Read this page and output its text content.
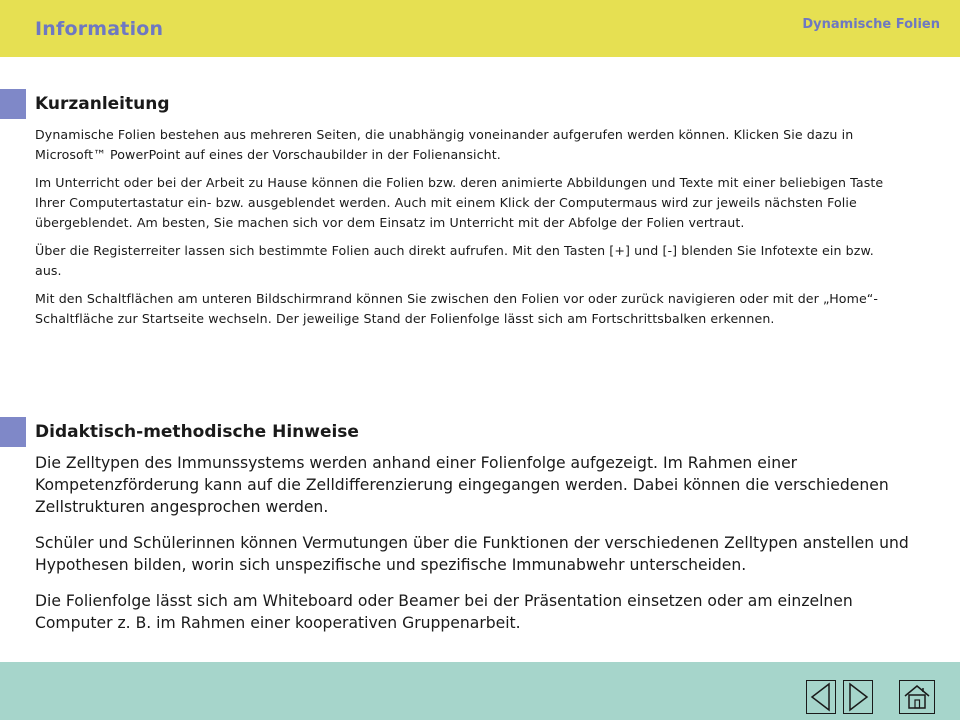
Information	Dynamische Folien
Kurzanleitung

Dynamische Folien bestehen aus mehreren Seiten, die unabhängig voneinander aufgerufen werden können. Klicken Sie dazu in Microsoft™ PowerPoint auf eines der Vorschaubilder in der Folienansicht.

Im Unterricht oder bei der Arbeit zu Hause können die Folien bzw. deren animierte Abbildungen und Texte mit einer beliebigen Taste Ihrer Computertastatur ein- bzw. ausgeblendet werden. Auch mit einem Klick der Computermaus wird zur jeweils nächsten Folie übergeblendet. Am besten, Sie machen sich vor dem Einsatz im Unterricht mit der Abfolge der Folien vertraut.

Über die Registerreiter lassen sich bestimmte Folien auch direkt aufrufen. Mit den Tasten [+] und [-] blenden Sie Infotexte ein bzw. aus.

Mit den Schaltflächen am unteren Bildschirmrand können Sie zwischen den Folien vor oder zurück navigieren oder mit der „Home“-Schaltfläche zur Startseite wechseln. Der jeweilige Stand der Folienfolge lässt sich am Fortschrittsbalken erkennen.

Didaktisch-methodische Hinweise

Die Zelltypen des Immunssystems werden anhand einer Folienfolge aufgezeigt. Im Rahmen einer Kompetenzförderung kann auf die Zelldifferenzierung eingegangen werden. Dabei können die verschiedenen Zellstrukturen angesprochen werden.

Schüler und Schülerinnen können Vermutungen über die Funktionen der verschiedenen Zelltypen anstellen und Hypothesen bilden, worin sich unspezifische und spezifische Immunabwehr unterscheiden.

Die Folienfolge lässt sich am Whiteboard oder Beamer bei der Präsentation einsetzen oder am einzelnen Computer z. B. im Rahmen einer kooperativen Gruppenarbeit.
